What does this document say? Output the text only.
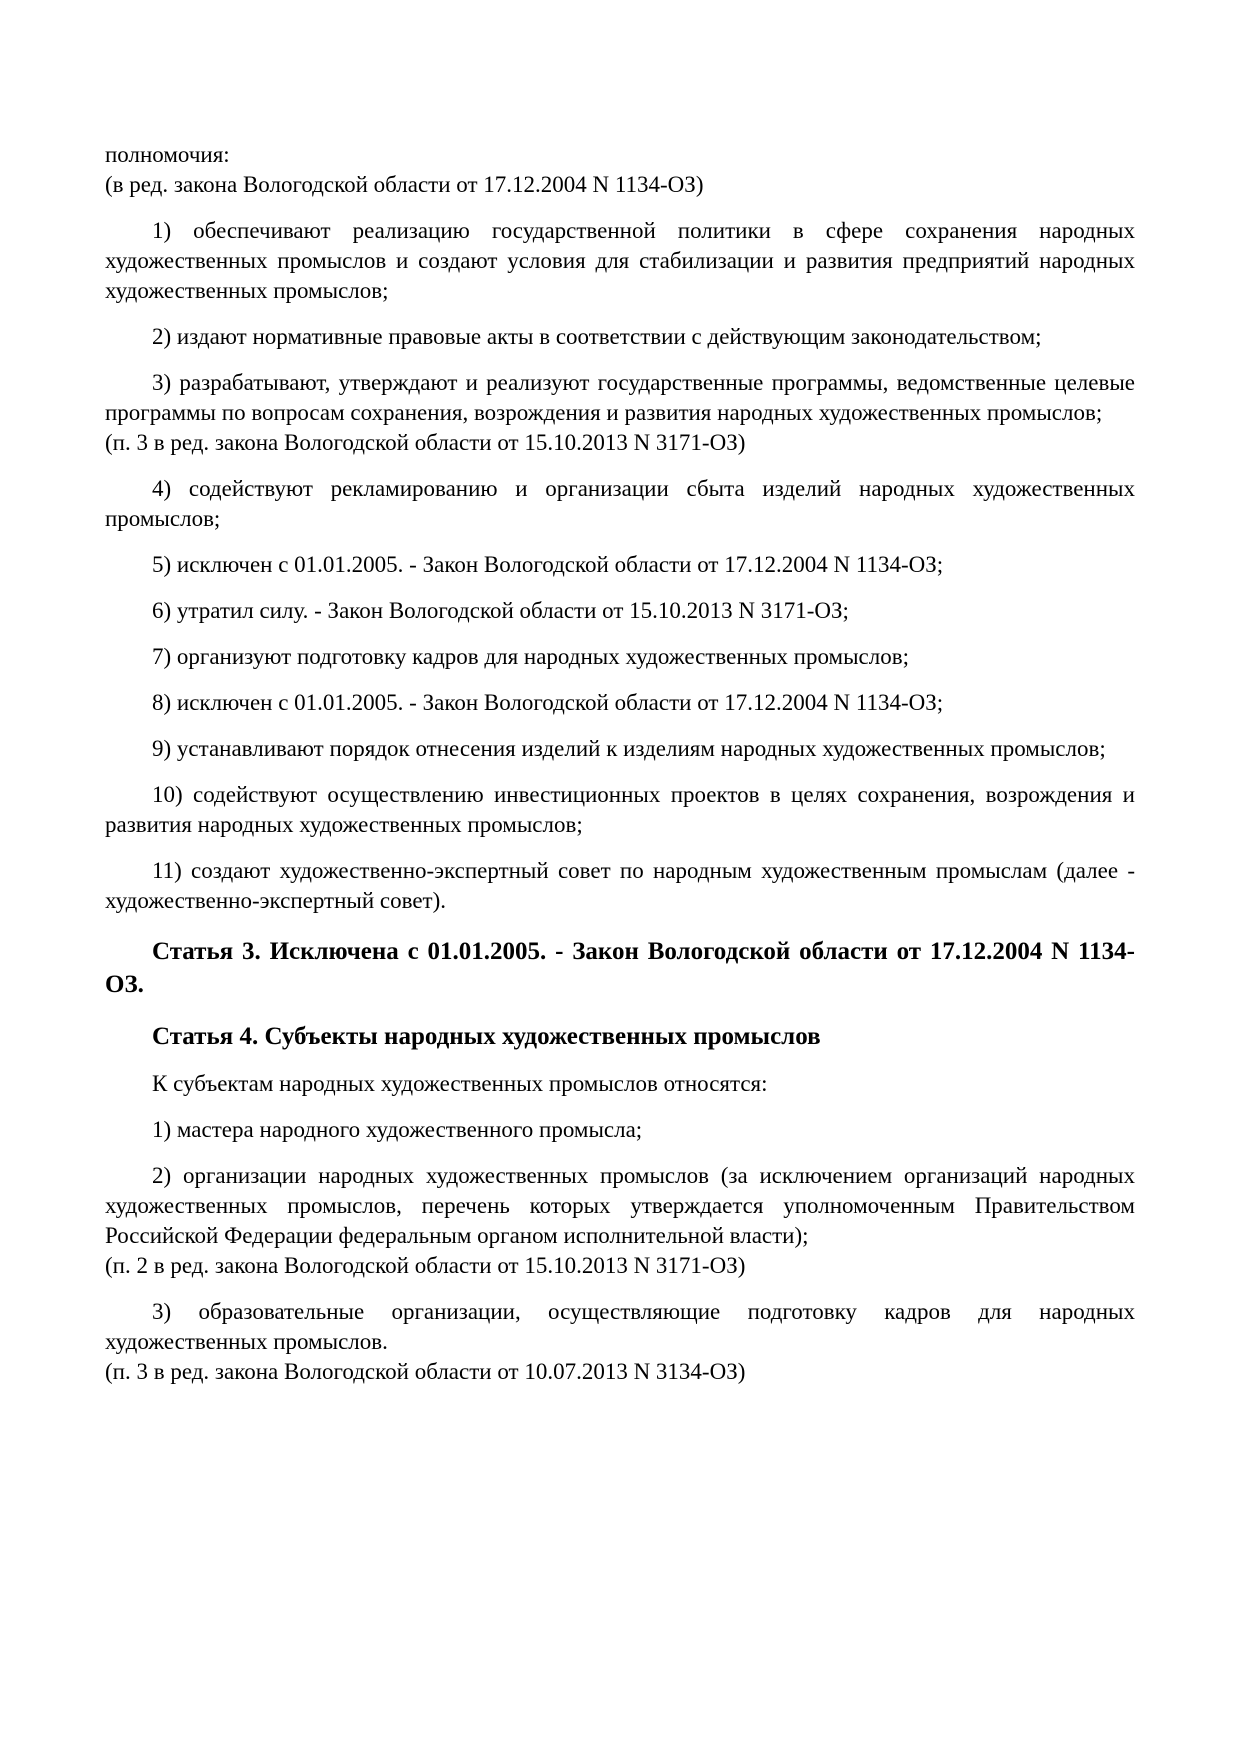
полномочия:

(в ред. закона Вологодской области от 17.12.2004 N 1134-ОЗ)

1) обеспечивают реализацию государственной политики в сфере сохранения народных художественных промыслов и создают условия для стабилизации и развития предприятий народных художественных промыслов;

2) издают нормативные правовые акты в соответствии с действующим законодательством;

3) разрабатывают, утверждают и реализуют государственные программы, ведомственные целевые программы по вопросам сохранения, возрождения и развития народных художественных промыслов;

(п. 3 в ред. закона Вологодской области от 15.10.2013 N 3171-ОЗ)

4) содействуют рекламированию и организации сбыта изделий народных художественных промыслов;

5) исключен с 01.01.2005. - Закон Вологодской области от 17.12.2004 N 1134-ОЗ;

6) утратил силу. - Закон Вологодской области от 15.10.2013 N 3171-ОЗ;

7) организуют подготовку кадров для народных художественных промыслов;

8) исключен с 01.01.2005. - Закон Вологодской области от 17.12.2004 N 1134-ОЗ;

9) устанавливают порядок отнесения изделий к изделиям народных художественных промыслов;

10) содействуют осуществлению инвестиционных проектов в целях сохранения, возрождения и развития народных художественных промыслов;

11) создают художественно-экспертный совет по народным художественным промыслам (далее - художественно-экспертный совет).

Статья 3. Исключена с 01.01.2005. - Закон Вологодской области от 17.12.2004 N 1134-ОЗ.

Статья 4. Субъекты народных художественных промыслов

К субъектам народных художественных промыслов относятся:

1) мастера народного художественного промысла;

2) организации народных художественных промыслов (за исключением организаций народных художественных промыслов, перечень которых утверждается уполномоченным Правительством Российской Федерации федеральным органом исполнительной власти);

(п. 2 в ред. закона Вологодской области от 15.10.2013 N 3171-ОЗ)

3) образовательные организации, осуществляющие подготовку кадров для народных художественных промыслов.

(п. 3 в ред. закона Вологодской области от 10.07.2013 N 3134-ОЗ)
